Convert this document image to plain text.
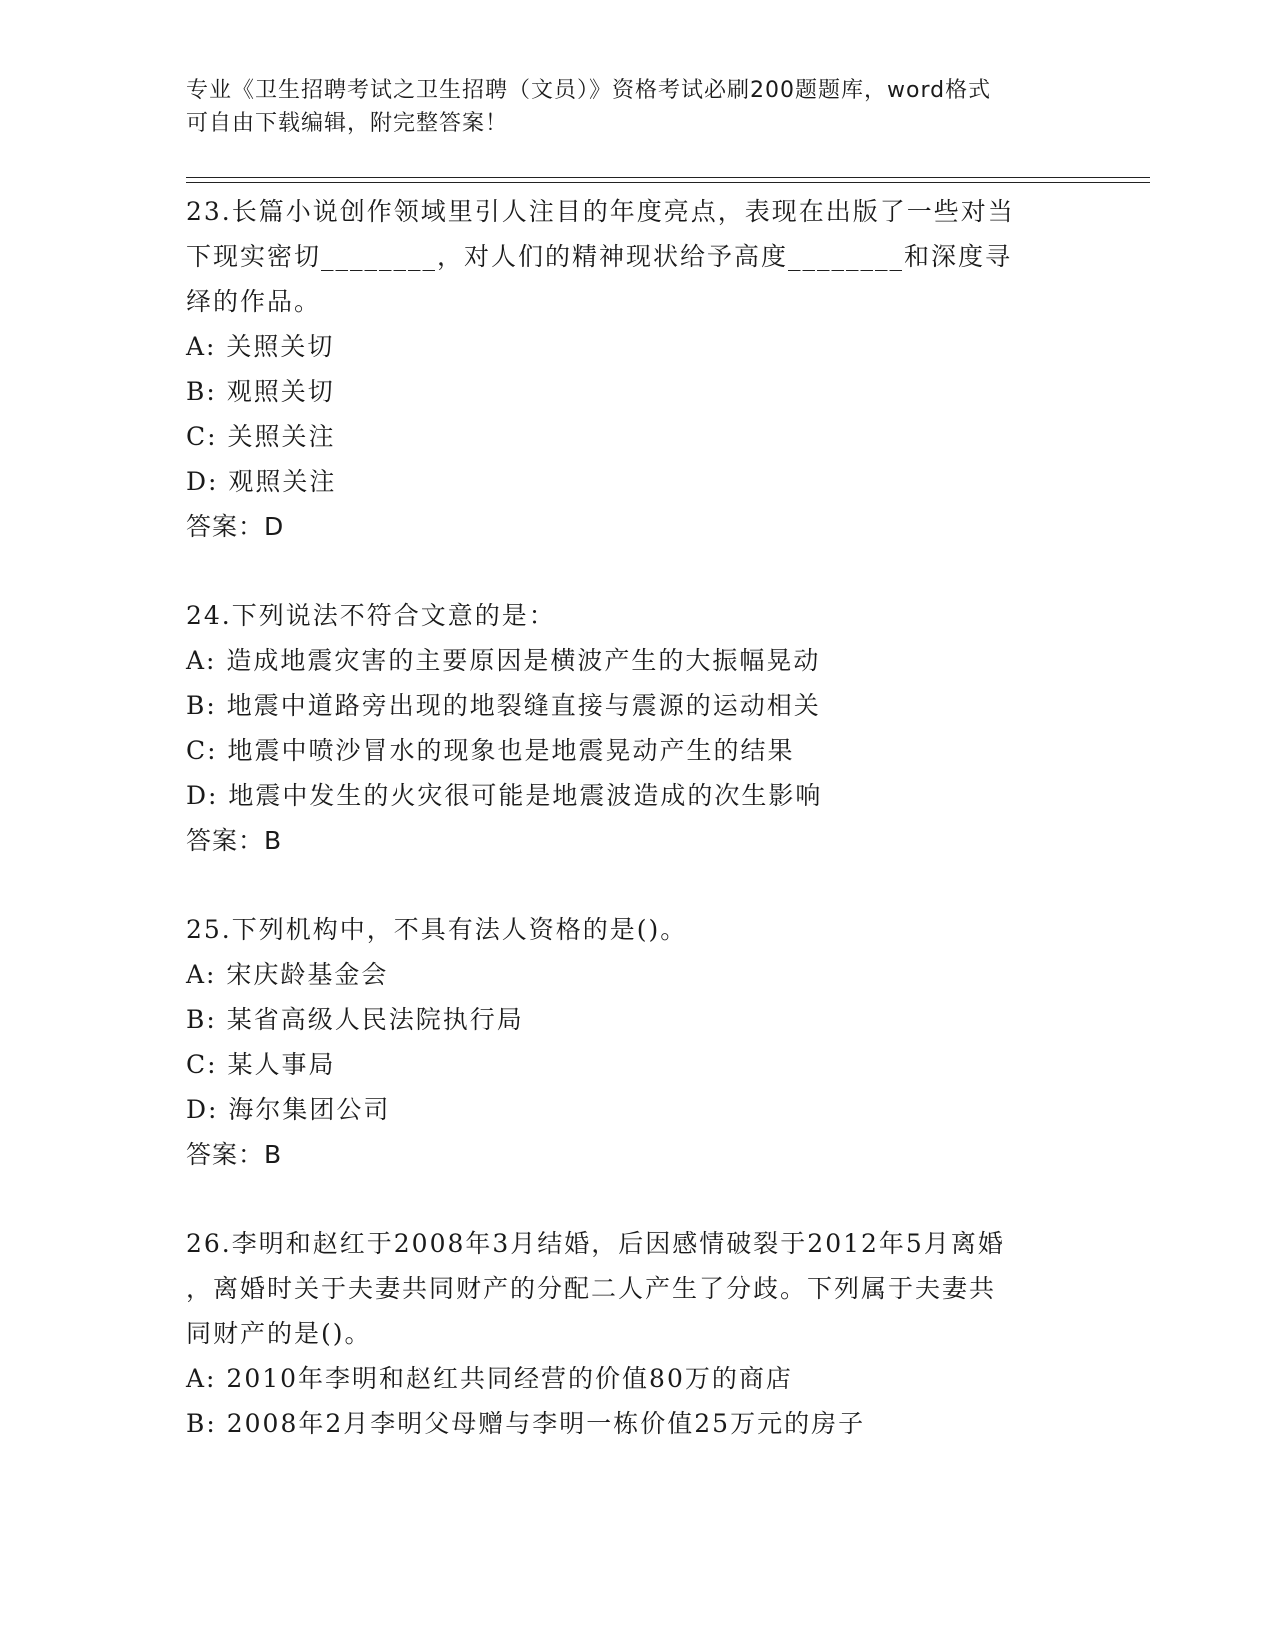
专业《卫生招聘考试之卫生招聘（文员）》资格考试必刷200题题库，word格式
可自由下载编辑，附完整答案！
23.长篇小说创作领域里引人注目的年度亮点，表现在出版了一些对当
下现实密切________，对人们的精神现状给予高度________和深度寻
绎的作品。
A: 关照关切
B: 观照关切
C: 关照关注
D: 观照关注
答案：D
24.下列说法不符合文意的是：
A: 造成地震灾害的主要原因是横波产生的大振幅晃动
B: 地震中道路旁出现的地裂缝直接与震源的运动相关
C: 地震中喷沙冒水的现象也是地震晃动产生的结果
D: 地震中发生的火灾很可能是地震波造成的次生影响
答案：B
25.下列机构中，不具有法人资格的是()。
A: 宋庆龄基金会
B: 某省高级人民法院执行局
C: 某人事局
D: 海尔集团公司
答案：B
26.李明和赵红于2008年3月结婚，后因感情破裂于2012年5月离婚
，离婚时关于夫妻共同财产的分配二人产生了分歧。下列属于夫妻共
同财产的是()。
A: 2010年李明和赵红共同经营的价值80万的商店
B: 2008年2月李明父母赠与李明一栋价值25万元的房子
